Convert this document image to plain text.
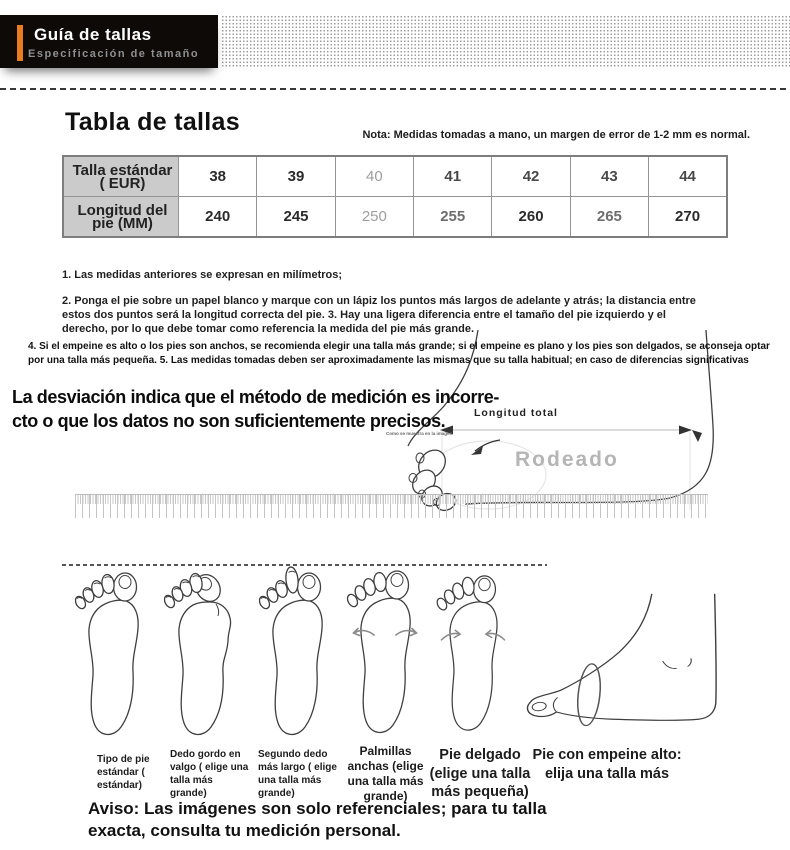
Guía de tallas
Especificación de tamaño
Tabla de tallas	Nota: Medidas tomadas a mano, un margen de error de 1-2 mm es normal.
Talla estándar ( EUR)	38	39	40	41	42	43	44
Longitud del pie (MM)	240	245	250	255	260	265	270
1. Las medidas anteriores se expresan en milímetros;
2. Ponga el pie sobre un papel blanco y marque con un lápiz los puntos más largos de adelante y atrás; la distancia entre estos dos puntos será la longitud correcta del pie. 3. Hay una ligera diferencia entre el tamaño del pie izquierdo y el derecho, por lo que debe tomar como referencia la medida del pie más grande.
4. Si el empeine es alto o los pies son anchos, se recomienda elegir una talla más grande; si el empeine es plano y los pies son delgados, se aconseja optar por una talla más pequeña. 5. Las medidas tomadas deben ser aproximadamente las mismas que su talla habitual; en caso de diferencias significativas
La desviación indica que el método de medición es incorre-
cto o que los datos no son suficientemente precisos.	Longitud total
Rodeado
Como se muestra en la imagen
Tipo de pie estándar ( estándar)
Dedo gordo en valgo ( elige una talla más grande)
Segundo dedo más largo ( elige una talla más grande)
Palmillas anchas (elige una talla más grande)
Pie delgado (elige una talla más pequeña)
Pie con empeine alto: elija una talla más
Aviso: Las imágenes son solo referenciales; para tu talla exacta, consulta tu medición personal.
